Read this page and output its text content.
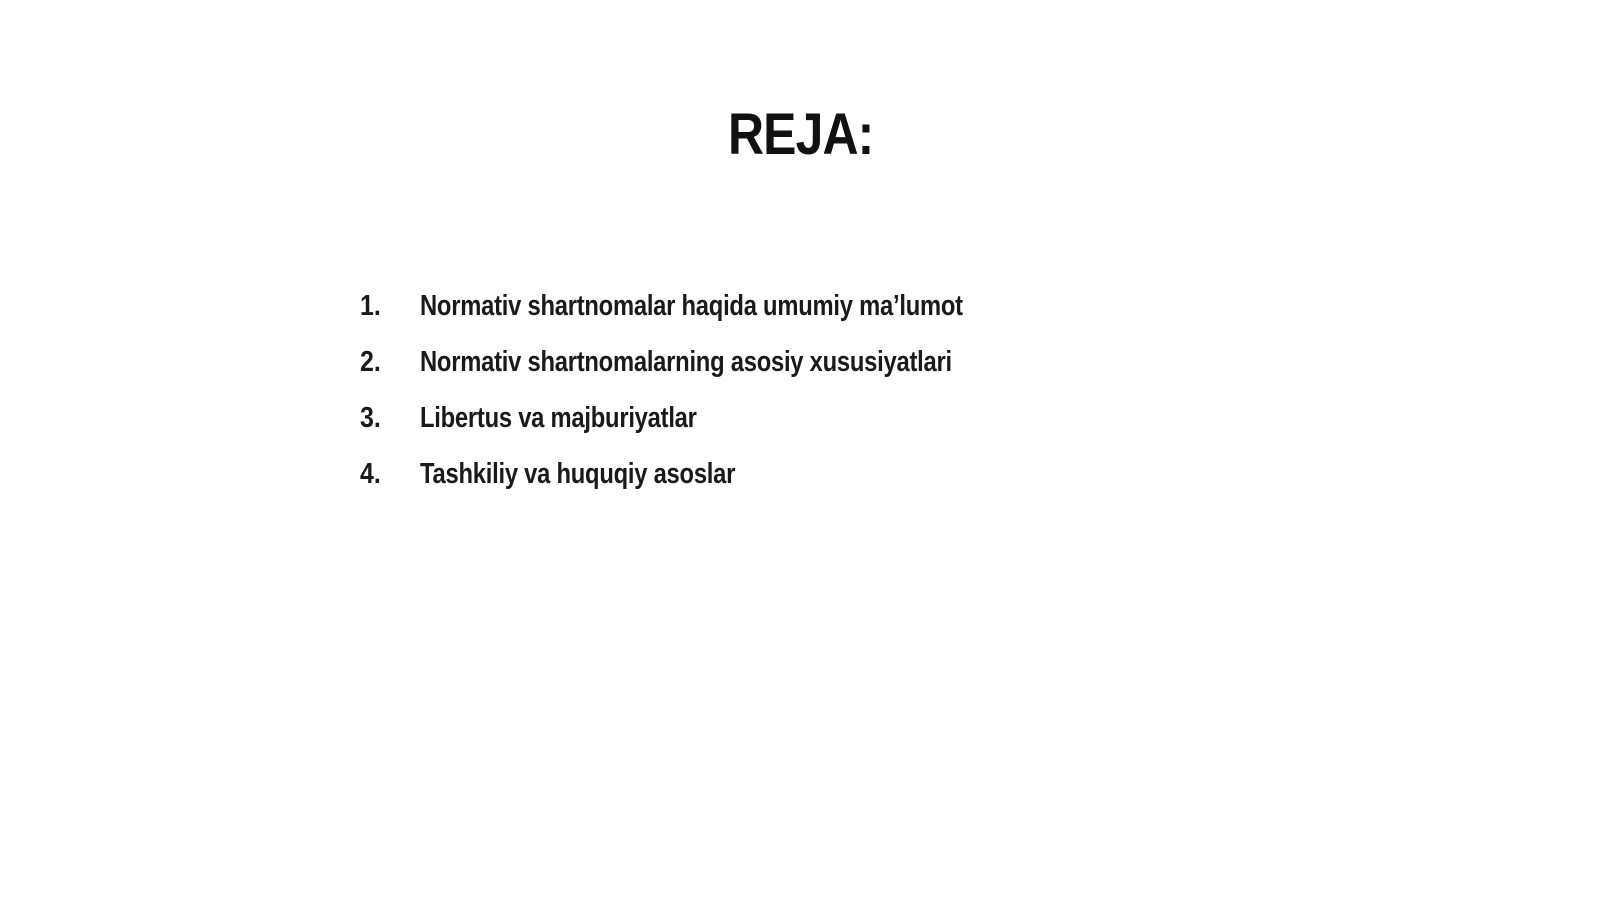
REJA:
1.	Normativ shartnomalar haqida umumiy ma’lumot
2.	Normativ shartnomalarning asosiy xususiyatlari
3.	Libertus va majburiyatlar
4.	Tashkiliy va huquqiy asoslar
